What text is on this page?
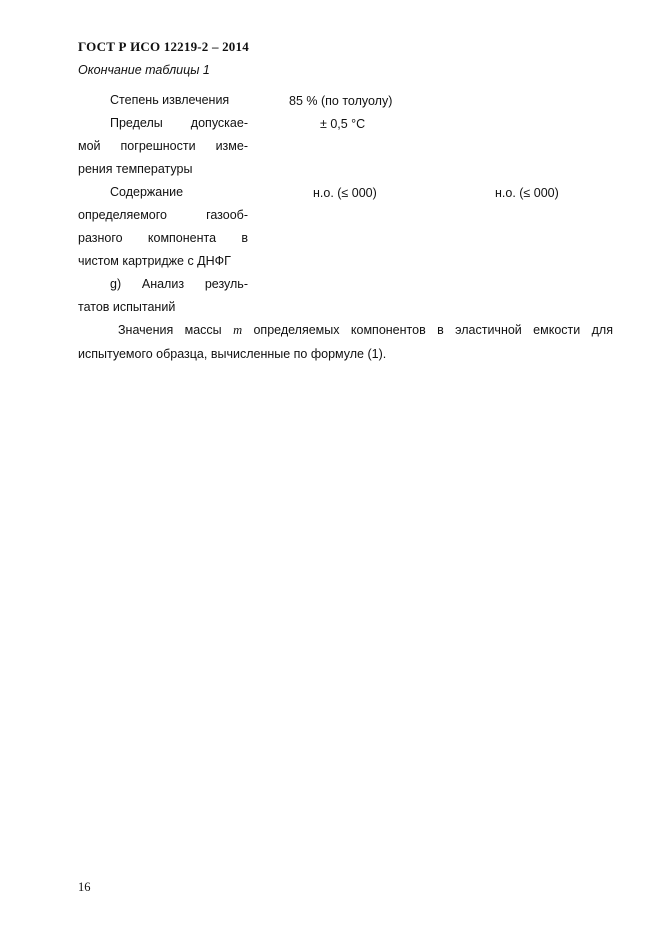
ГОСТ Р ИСО 12219-2 – 2014
Окончание таблицы 1
Степень извлечения	85 % (по толуолу)
Пределы допускае-
мой погрешности изме-
рения температуры
± 0,5 °С
Содержание
определяемого газооб-
разного компонента в
чистом картридже с ДНФГ
н.о. (≤ 000)	н.о. (≤ 000)
g) Анализ резуль-
татов испытаний
Значения массы m определяемых компонентов в эластичной емкости для
испытуемого образца, вычисленные по формуле (1).
16
